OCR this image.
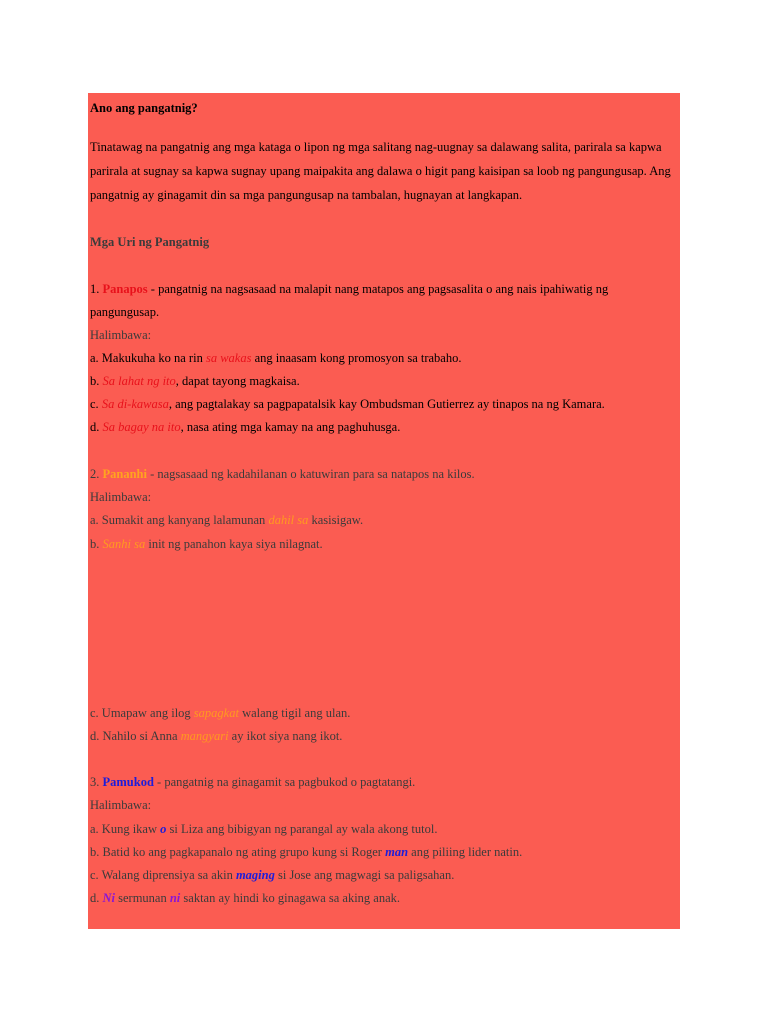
Ano ang pangatnig?
Tinatawag na pangatnig ang mga kataga o lipon ng mga salitang nag-uugnay sa dalawang salita, parirala sa kapwa
parirala at sugnay sa kapwa sugnay upang maipakita ang dalawa o higit pang kaisipan sa loob ng pangungusap. Ang
pangatnig ay ginagamit din sa mga pangungusap na tambalan, hugnayan at langkapan.
Mga Uri ng Pangatnig
1. Panapos - pangatnig na nagsasaad na malapit nang matapos ang pagsasalita o ang nais ipahiwatig ng
pangungusap.
Halimbawa:
a. Makukuha ko na rin sa wakas ang inaasam kong promosyon sa trabaho.
b. Sa lahat ng ito, dapat tayong magkaisa.
c. Sa di-kawasa, ang pagtalakay sa pagpapatalsik kay Ombudsman Gutierrez ay tinapos na ng Kamara.
d. Sa bagay na ito, nasa ating mga kamay na ang paghuhusga.
2. Pananhi - nagsasaad ng kadahilanan o katuwiran para sa natapos na kilos.
Halimbawa:
a. Sumakit ang kanyang lalamunan dahil sa kasisigaw.
b. Sanhi sa init ng panahon kaya siya nilagnat.
c. Umapaw ang ilog sapagkat walang tigil ang ulan.
d. Nahilo si Anna mangyari ay ikot siya nang ikot.
3. Pamukod - pangatnig na ginagamit sa pagbukod o pagtatangi.
Halimbawa:
a. Kung ikaw o si Liza ang bibigyan ng parangal ay wala akong tutol.
b. Batid ko ang pagkapanalo ng ating grupo kung si Roger man ang piliing lider natin.
c. Walang diprensiya sa akin maging si Jose ang magwagi sa paligsahan.
d. Ni sermunan ni saktan ay hindi ko ginagawa sa aking anak.
